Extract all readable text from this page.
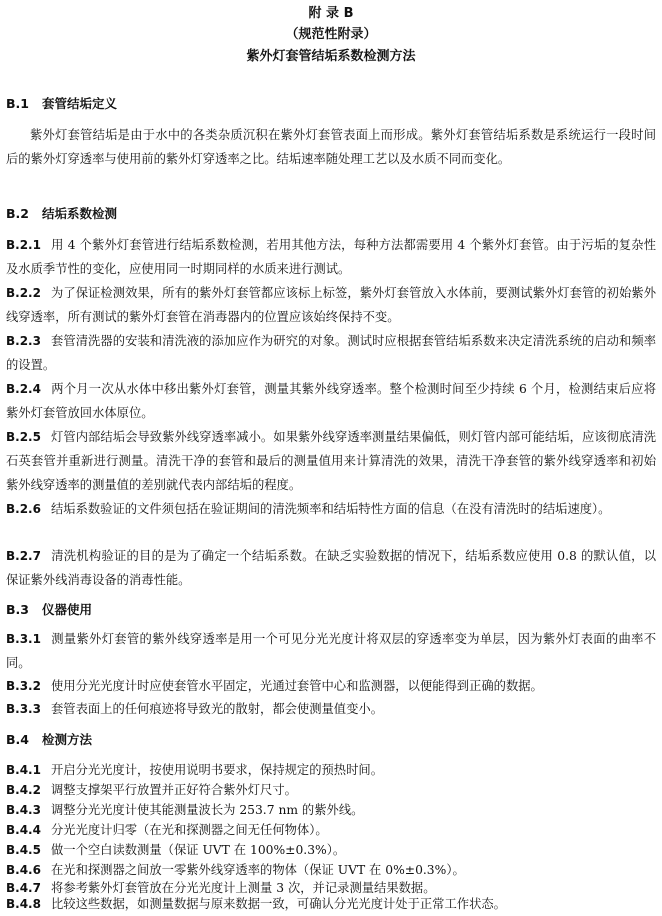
附 录 B
（规范性附录）
紫外灯套管结垢系数检测方法
B.1 套管结垢定义
紫外灯套管结垢是由于水中的各类杂质沉积在紫外灯套管表面上而形成。紫外灯套管结垢系数是系统运行一段时间后的紫外灯穿透率与使用前的紫外灯穿透率之比。结垢速率随处理工艺以及水质不同而变化。
B.2 结垢系数检测
B.2.1 用 4 个紫外灯套管进行结垢系数检测，若用其他方法，每种方法都需要用 4 个紫外灯套管。由于污垢的复杂性及水质季节性的变化，应使用同一时期同样的水质来进行测试。
B.2.2 为了保证检测效果，所有的紫外灯套管都应该标上标签，紫外灯套管放入水体前，要测试紫外灯套管的初始紫外线穿透率，所有测试的紫外灯套管在消毒器内的位置应该始终保持不变。
B.2.3 套管清洗器的安装和清洗液的添加应作为研究的对象。测试时应根据套管结垢系数来决定清洗系统的启动和频率的设置。
B.2.4 两个月一次从水体中移出紫外灯套管，测量其紫外线穿透率。整个检测时间至少持续 6 个月，检测结束后应将紫外灯套管放回水体原位。
B.2.5 灯管内部结垢会导致紫外线穿透率减小。如果紫外线穿透率测量结果偏低，则灯管内部可能结垢，应该彻底清洗石英套管并重新进行测量。清洗干净的套管和最后的测量值用来计算清洗的效果，清洗干净套管的紫外线穿透率和初始紫外线穿透率的测量值的差别就代表内部结垢的程度。
B.2.6 结垢系数验证的文件须包括在验证期间的清洗频率和结垢特性方面的信息（在没有清洗时的结垢速度）。
B.2.7 清洗机构验证的目的是为了确定一个结垢系数。在缺乏实验数据的情况下，结垢系数应使用 0.8 的默认值，以保证紫外线消毒设备的消毒性能。
B.3 仪器使用
B.3.1 测量紫外灯套管的紫外线穿透率是用一个可见分光光度计将双层的穿透率变为单层，因为紫外灯表面的曲率不同。
B.3.2 使用分光光度计时应使套管水平固定，光通过套管中心和监测器，以便能得到正确的数据。
B.3.3 套管表面上的任何痕迹将导致光的散射，都会使测量值变小。
B.4 检测方法
B.4.1 开启分光光度计，按使用说明书要求，保持规定的预热时间。
B.4.2 调整支撑架平行放置并正好符合紫外灯尺寸。
B.4.3 调整分光光度计使其能测量波长为 253.7 nm 的紫外线。
B.4.4 分光光度计归零（在光和探测器之间无任何物体）。
B.4.5 做一个空白读数测量（保证 UVT 在 100%±0.3%）。
B.4.6 在光和探测器之间放一零紫外线穿透率的物体（保证 UVT 在 0%±0.3%）。
B.4.7 将参考紫外灯套管放在分光光度计上测量 3 次，并记录测量结果数据。
B.4.8 比较这些数据，如测量数据与原来数据一致，可确认分光光度计处于正常工作状态。
